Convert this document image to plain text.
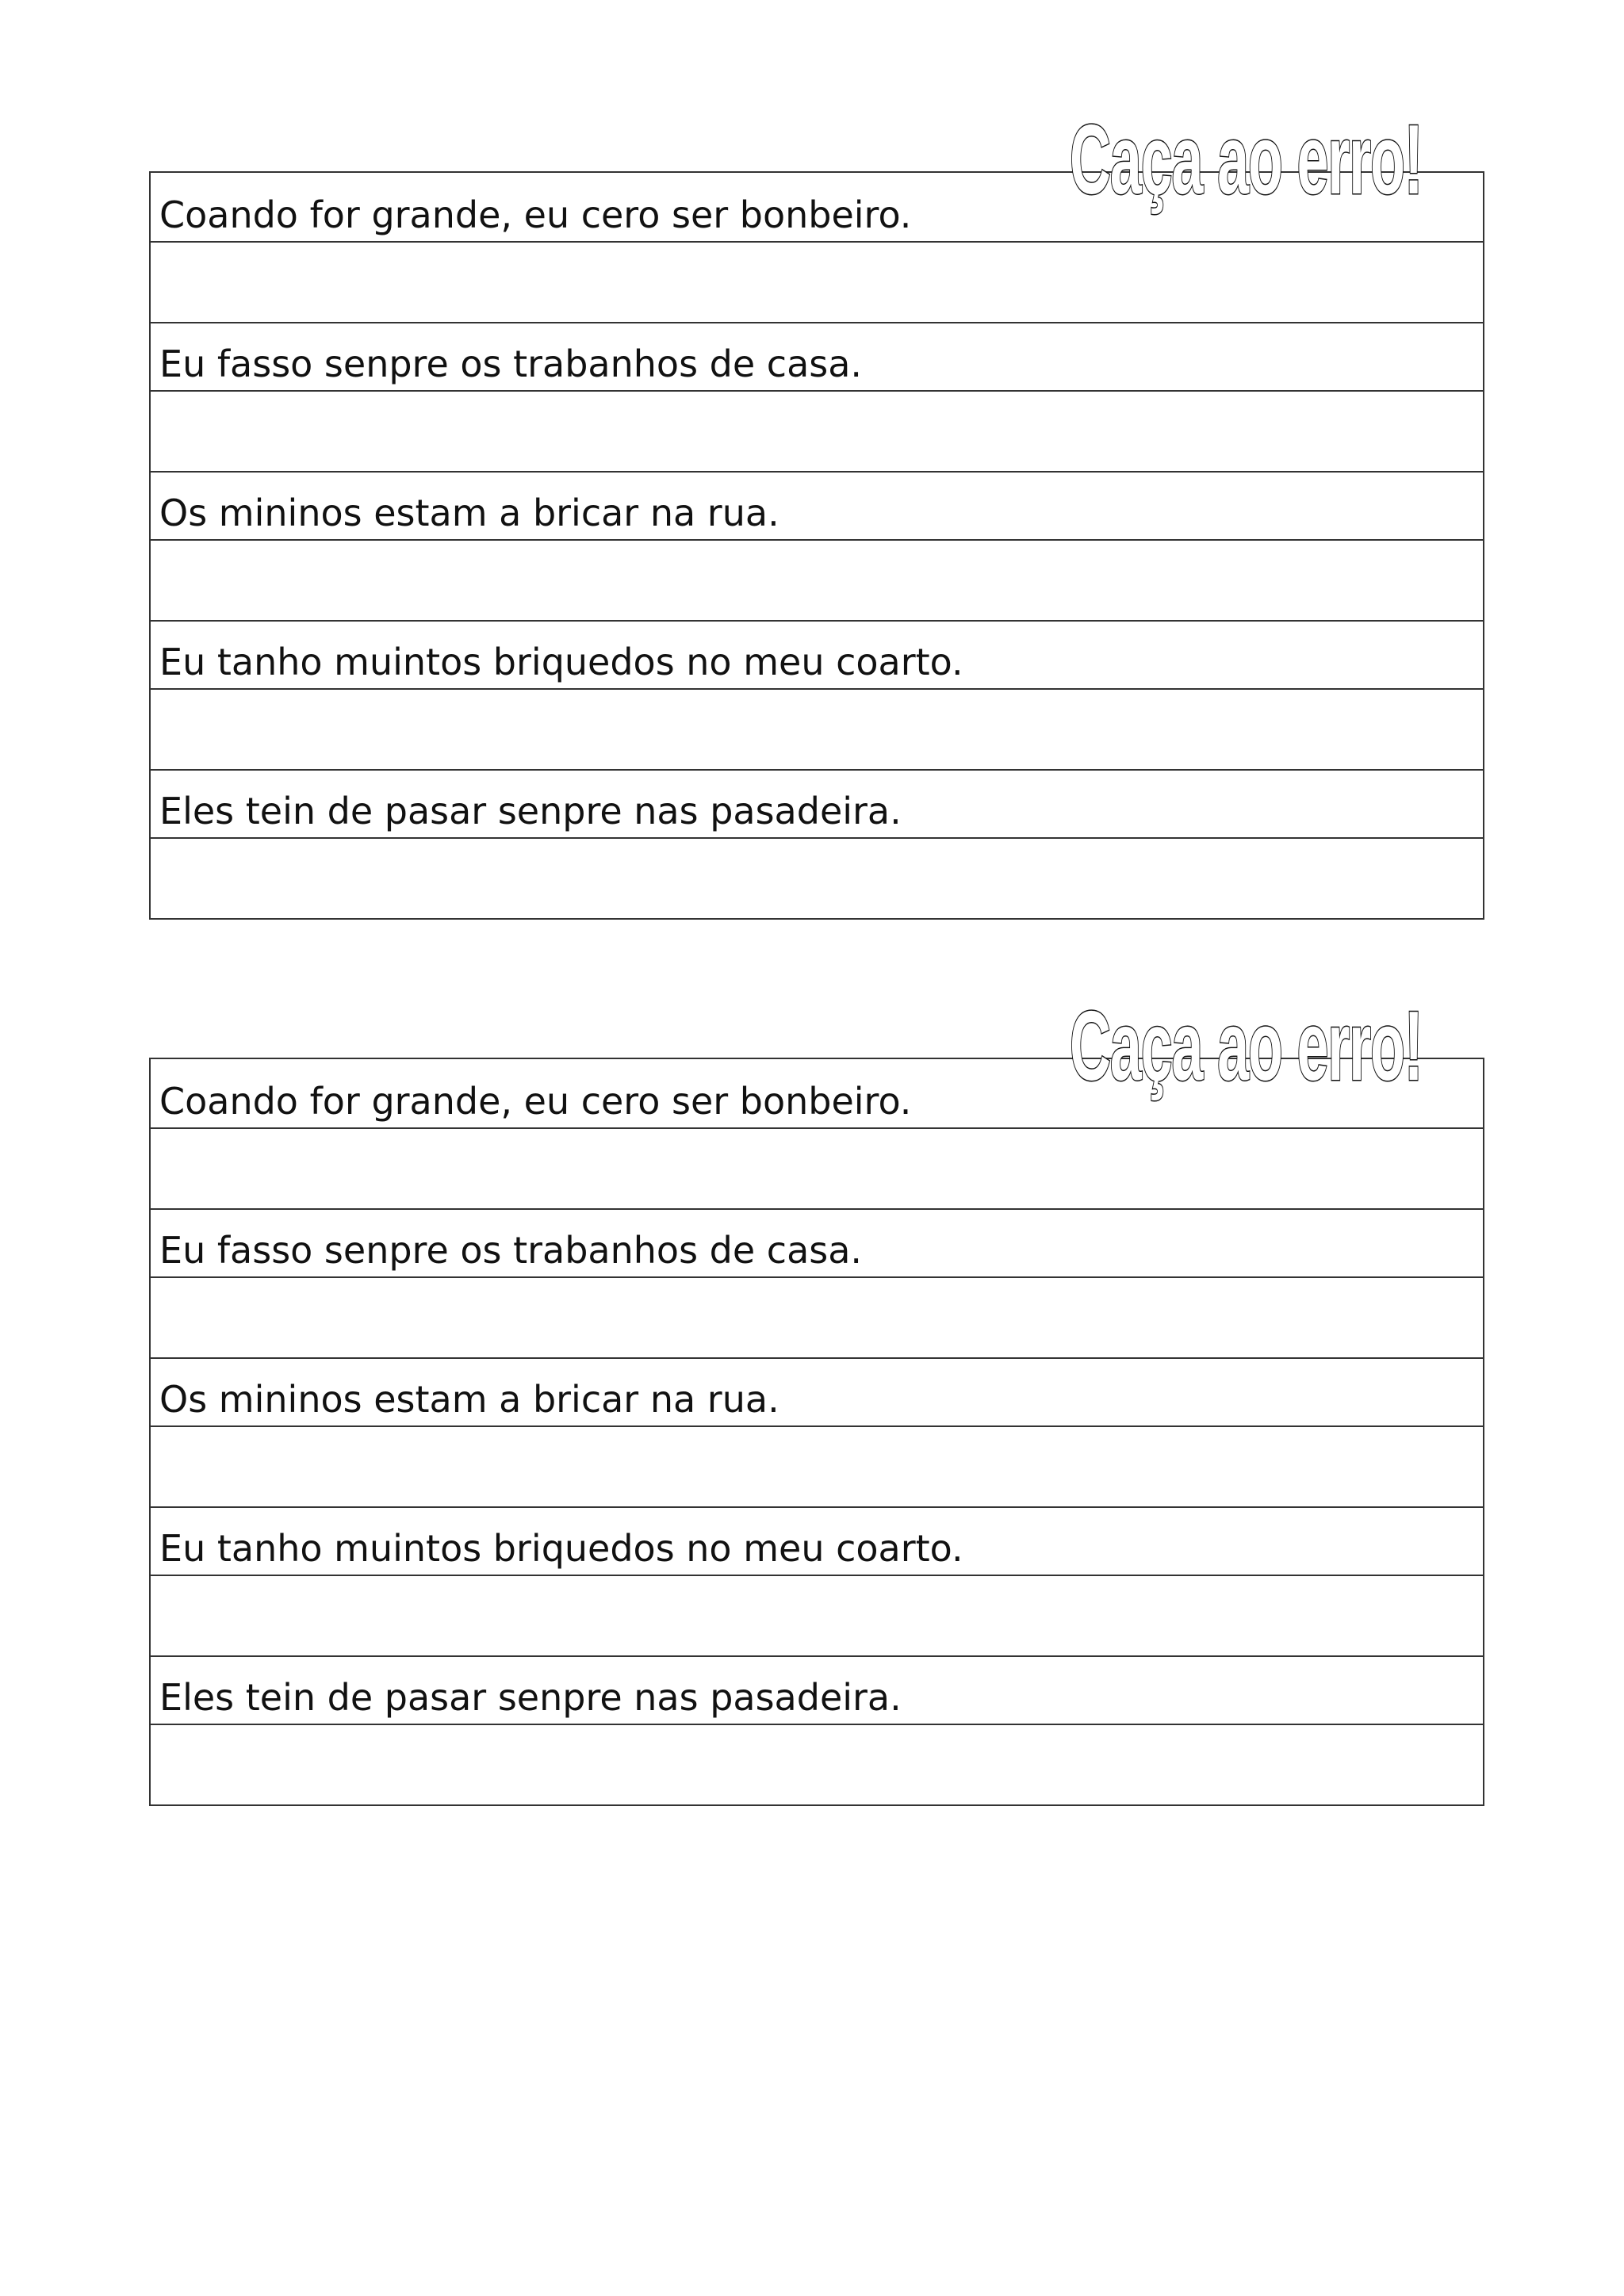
Coando for grande, eu cero ser bonbeiro.
Eu fasso senpre os trabanhos de casa.
Os mininos estam a bricar na rua.
Eu tanho muintos briquedos no meu coarto.
Eles tein de pasar senpre nas pasadeira.
Caça ao erro!
Coando for grande, eu cero ser bonbeiro.
Eu fasso senpre os trabanhos de casa.
Os mininos estam a bricar na rua.
Eu tanho muintos briquedos no meu coarto.
Eles tein de pasar senpre nas pasadeira.
Caça ao erro!
